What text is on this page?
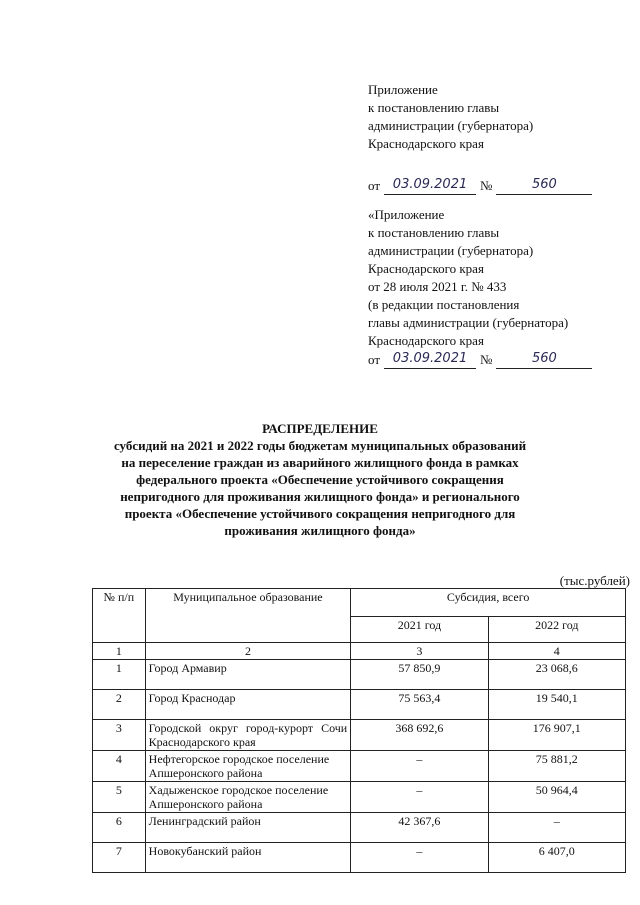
Приложение
к постановлению главы
администрации (губернатора)
Краснодарского края
от 03.09.2021 №	560
«Приложение
к постановлению главы
администрации (губернатора)
Краснодарского края
от 28 июля 2021 г. № 433
(в редакции постановления
главы администрации (губернатора)
Краснодарского края
от 03.09.2021 №	560
РАСПРЕДЕЛЕНИЕ
субсидий на 2021 и 2022 годы бюджетам муниципальных образований
на переселение граждан из аварийного жилищного фонда в рамках
федерального проекта «Обеспечение устойчивого сокращения
непригодного для проживания жилищного фонда» и регионального
проекта «Обеспечение устойчивого сокращения непригодного для
проживания жилищного фонда»
(тыс.рублей)
№ п/п	Муниципальное образование	Субсидия, всего	
		2021 год	2022 год
1	2	3	4
1	Город Армавир	57 850,9	23 068,6
2	Город Краснодар	75 563,4	19 540,1
3	Городской округ город-курорт Сочи Краснодарского края	368 692,6	176 907,1
4	Нефтегорское городское поселение Апшеронского района	–	75 881,2
5	Хадыженское городское поселение Апшеронского района	–	50 964,4
6	Ленинградский район	42 367,6	–
7	Новокубанский район	–	6 407,0
